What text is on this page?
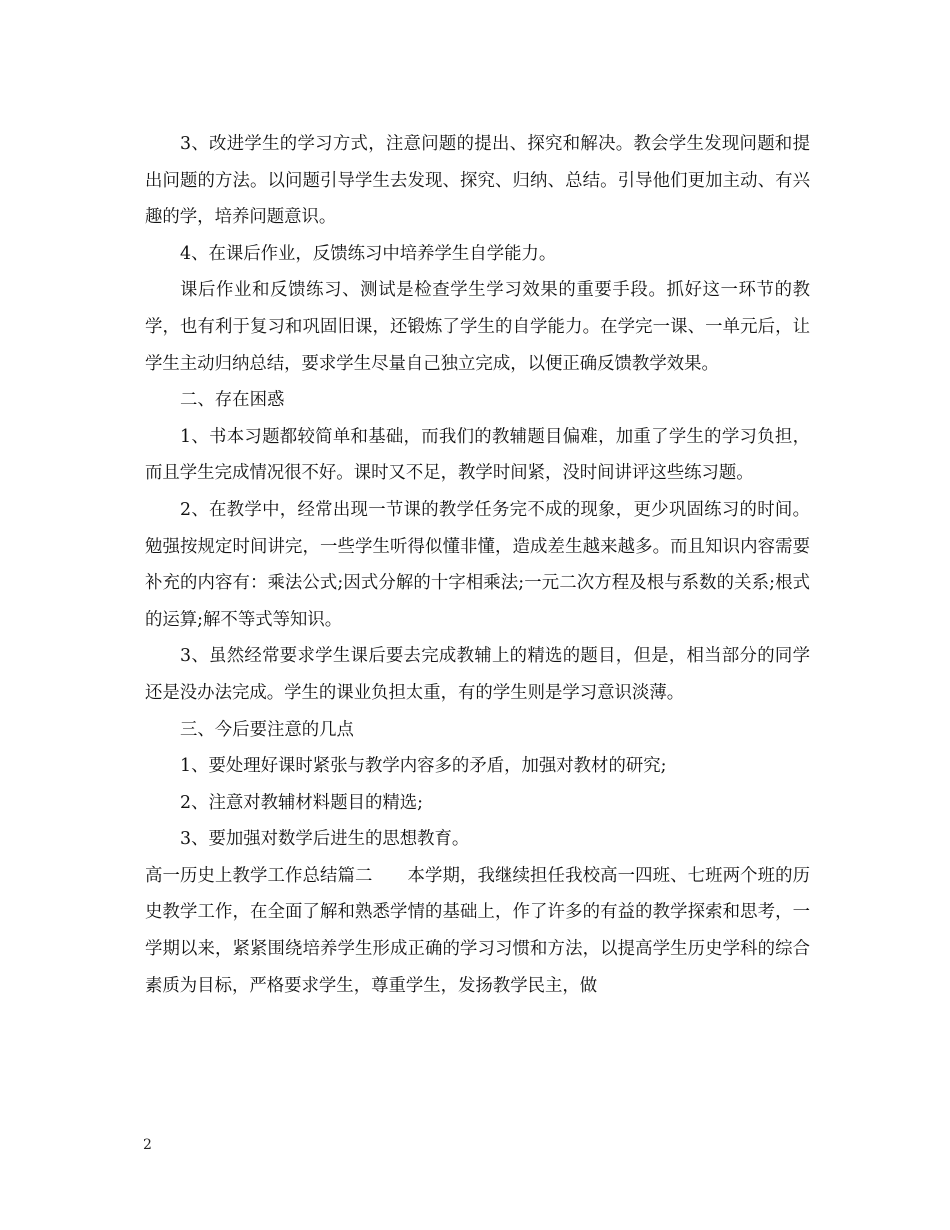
3、改进学生的学习方式，注意问题的提出、探究和解决。教会学生发现问题和提出问题的方法。以问题引导学生去发现、探究、归纳、总结。引导他们更加主动、有兴趣的学，培养问题意识。

4、在课后作业，反馈练习中培养学生自学能力。

课后作业和反馈练习、测试是检查学生学习效果的重要手段。抓好这一环节的教学，也有利于复习和巩固旧课，还锻炼了学生的自学能力。在学完一课、一单元后，让学生主动归纳总结，要求学生尽量自己独立完成，以便正确反馈教学效果。

二、存在困惑

1、书本习题都较简单和基础，而我们的教辅题目偏难，加重了学生的学习负担，而且学生完成情况很不好。课时又不足，教学时间紧，没时间讲评这些练习题。

2、在教学中，经常出现一节课的教学任务完不成的现象，更少巩固练习的时间。勉强按规定时间讲完，一些学生听得似懂非懂，造成差生越来越多。而且知识内容需要补充的内容有：乘法公式;因式分解的十字相乘法;一元二次方程及根与系数的关系;根式的运算;解不等式等知识。

3、虽然经常要求学生课后要去完成教辅上的精选的题目，但是，相当部分的同学还是没办法完成。学生的课业负担太重，有的学生则是学习意识淡薄。

三、今后要注意的几点

1、要处理好课时紧张与教学内容多的矛盾，加强对教材的研究;

2、注意对教辅材料题目的精选;

3、要加强对数学后进生的思想教育。

高一历史上教学工作总结篇二　　本学期，我继续担任我校高一四班、七班两个班的历史教学工作，在全面了解和熟悉学情的基础上，作了许多的有益的教学探索和思考，一学期以来，紧紧围绕培养学生形成正确的学习习惯和方法，以提高学生历史学科的综合素质为目标，严格要求学生，尊重学生，发扬教学民主，做

2
